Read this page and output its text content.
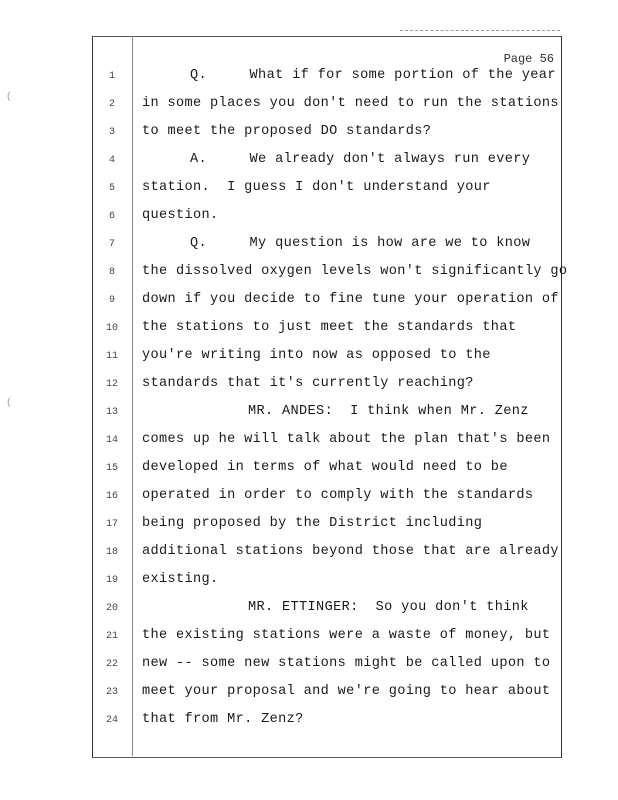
(
(
Page 56
1	Q.     What if for some portion of the year
2	in some places you don't need to run the stations
3	to meet the proposed DO standards?
4	A.     We already don't always run every
5	station.  I guess I don't understand your
6	question.
7	Q.     My question is how are we to know
8	the dissolved oxygen levels won't significantly go
9	down if you decide to fine tune your operation of
10	the stations to just meet the standards that
11	you're writing into now as opposed to the
12	standards that it's currently reaching?
13	MR. ANDES:  I think when Mr. Zenz
14	comes up he will talk about the plan that's been
15	developed in terms of what would need to be
16	operated in order to comply with the standards
17	being proposed by the District including
18	additional stations beyond those that are already
19	existing.
20	MR. ETTINGER:  So you don't think
21	the existing stations were a waste of money, but
22	new -- some new stations might be called upon to
23	meet your proposal and we're going to hear about
24	that from Mr. Zenz?
